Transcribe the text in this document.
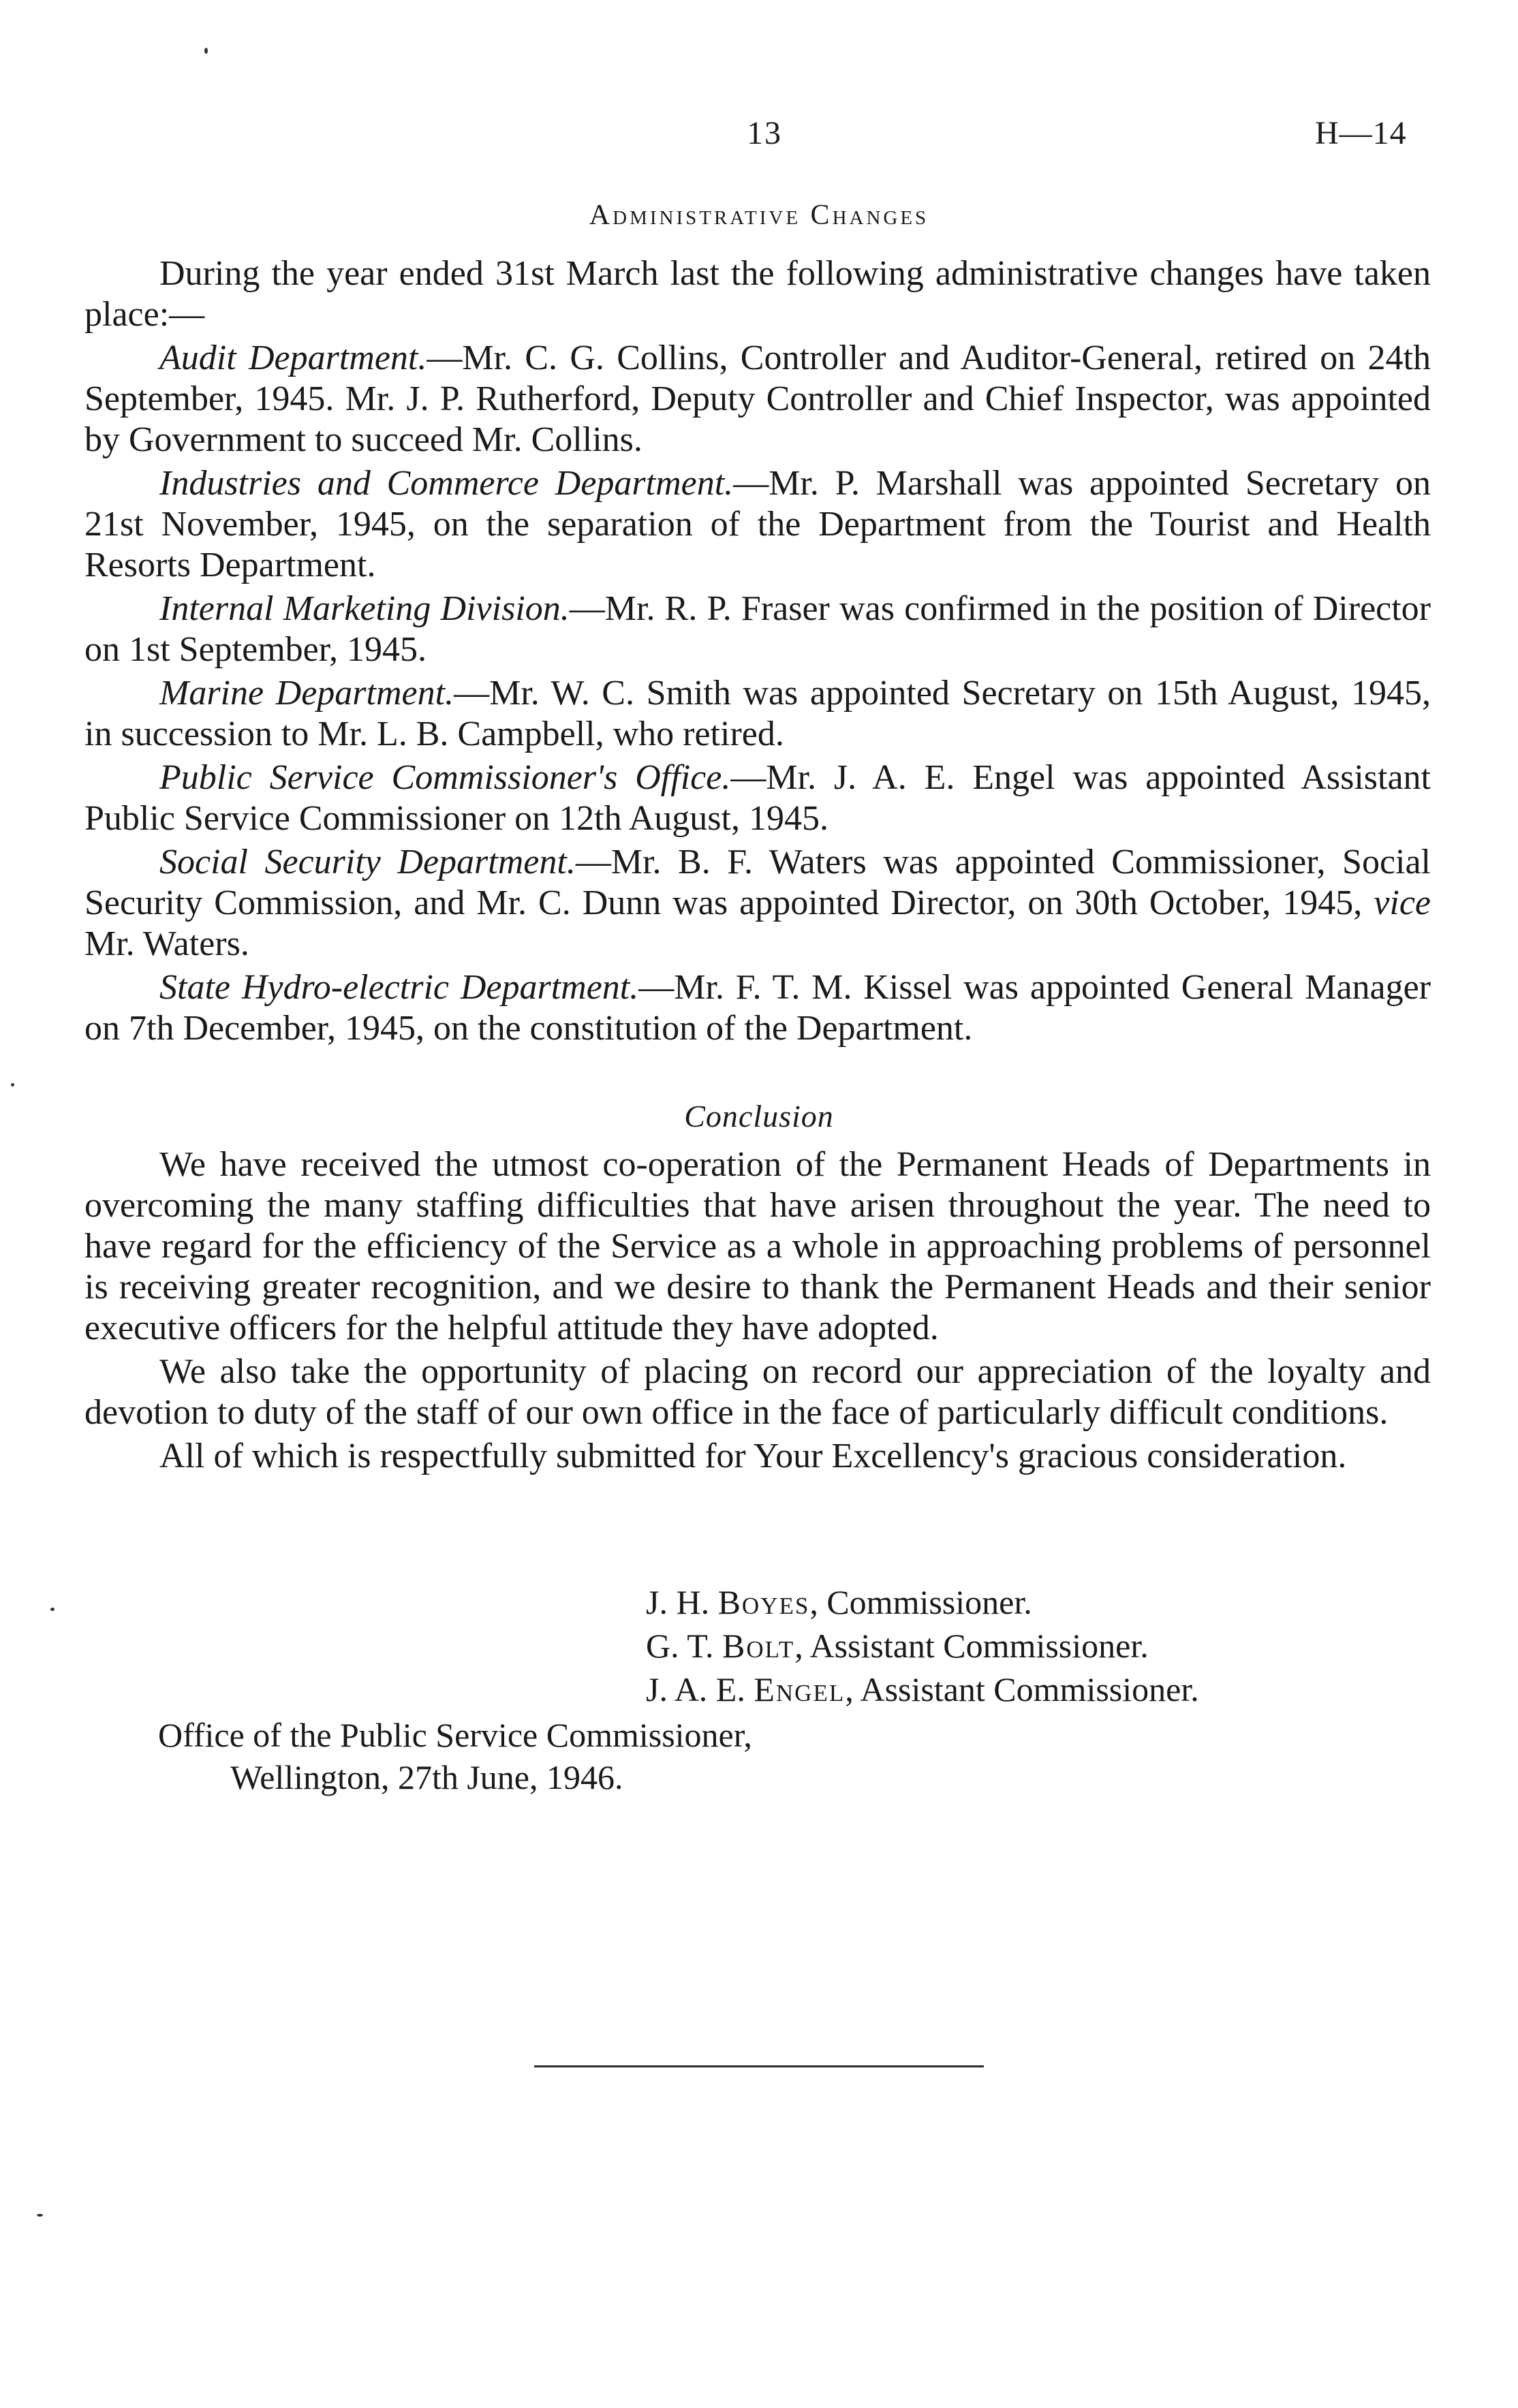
13	H—14
Administrative Changes

During the year ended 31st March last the following administrative changes have taken place:—

Audit Department.—Mr. C. G. Collins, Controller and Auditor-General, retired on 24th September, 1945. Mr. J. P. Rutherford, Deputy Controller and Chief Inspector, was appointed by Government to succeed Mr. Collins.

Industries and Commerce Department.—Mr. P. Marshall was appointed Secretary on 21st November, 1945, on the separation of the Department from the Tourist and Health Resorts Department.

Internal Marketing Division.—Mr. R. P. Fraser was confirmed in the position of Director on 1st September, 1945.

Marine Department.—Mr. W. C. Smith was appointed Secretary on 15th August, 1945, in succession to Mr. L. B. Campbell, who retired.

Public Service Commissioner's Office.—Mr. J. A. E. Engel was appointed Assistant Public Service Commissioner on 12th August, 1945.

Social Security Department.—Mr. B. F. Waters was appointed Commissioner, Social Security Commission, and Mr. C. Dunn was appointed Director, on 30th October, 1945, vice Mr. Waters.

State Hydro-electric Department.—Mr. F. T. M. Kissel was appointed General Manager on 7th December, 1945, on the constitution of the Department.

Conclusion

We have received the utmost co-operation of the Permanent Heads of Departments in overcoming the many staffing difficulties that have arisen throughout the year. The need to have regard for the efficiency of the Service as a whole in approaching problems of personnel is receiving greater recognition, and we desire to thank the Permanent Heads and their senior executive officers for the helpful attitude they have adopted.

We also take the opportunity of placing on record our appreciation of the loyalty and devotion to duty of the staff of our own office in the face of particularly difficult conditions.

All of which is respectfully submitted for Your Excellency's gracious consideration.

J. H. Boyes, Commissioner.
G. T. Bolt, Assistant Commissioner.
J. A. E. Engel, Assistant Commissioner.
Office of the Public Service Commissioner,
Wellington, 27th June, 1946.
